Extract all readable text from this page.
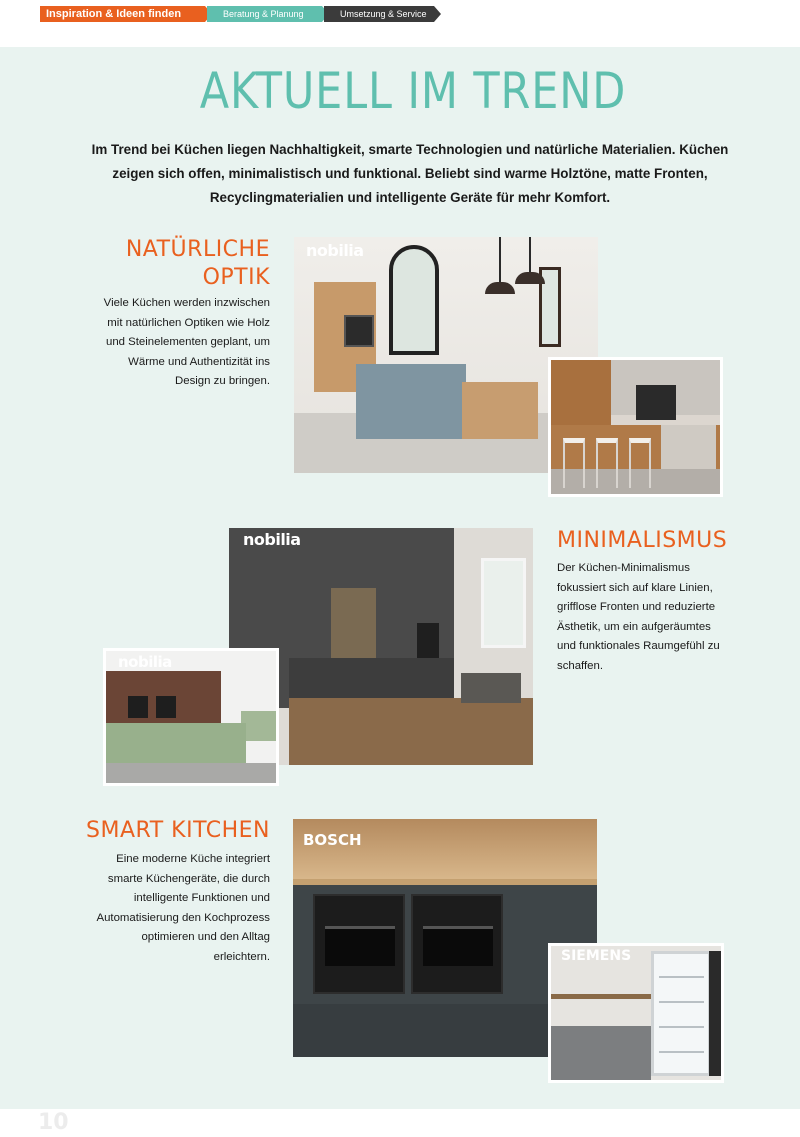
Inspiration & Ideen finden	Beratung & Planung	Umsetzung & Service
AKTUELL IM TREND

Im Trend bei Küchen liegen Nachhaltigkeit, smarte Technologien und natürliche Materialien. Küchen zeigen sich offen, minimalistisch und funktional. Beliebt sind warme Holztöne, matte Fronten, Recyclingmaterialien und intelligente Geräte für mehr Komfort.

NATÜRLICHE
OPTIK

Viele Küchen werden inzwischen mit natürlichen Optiken wie Holz und Steinelementen geplant, um Wärme und Authentizität ins Design zu bringen.

nobilia
MINIMALISMUS

Der Küchen-Minimalismus fokussiert sich auf klare Linien, grifflose Fronten und reduzierte Ästhetik, um ein aufgeräumtes und funktionales Raumgefühl zu schaffen.

nobilia
nobilia
SMART KITCHEN

Eine moderne Küche integriert smarte Küchengeräte, die durch intelligente Funktionen und Automatisierung den Kochprozess optimieren und den Alltag erleichtern.

BOSCH
SIEMENS
10
